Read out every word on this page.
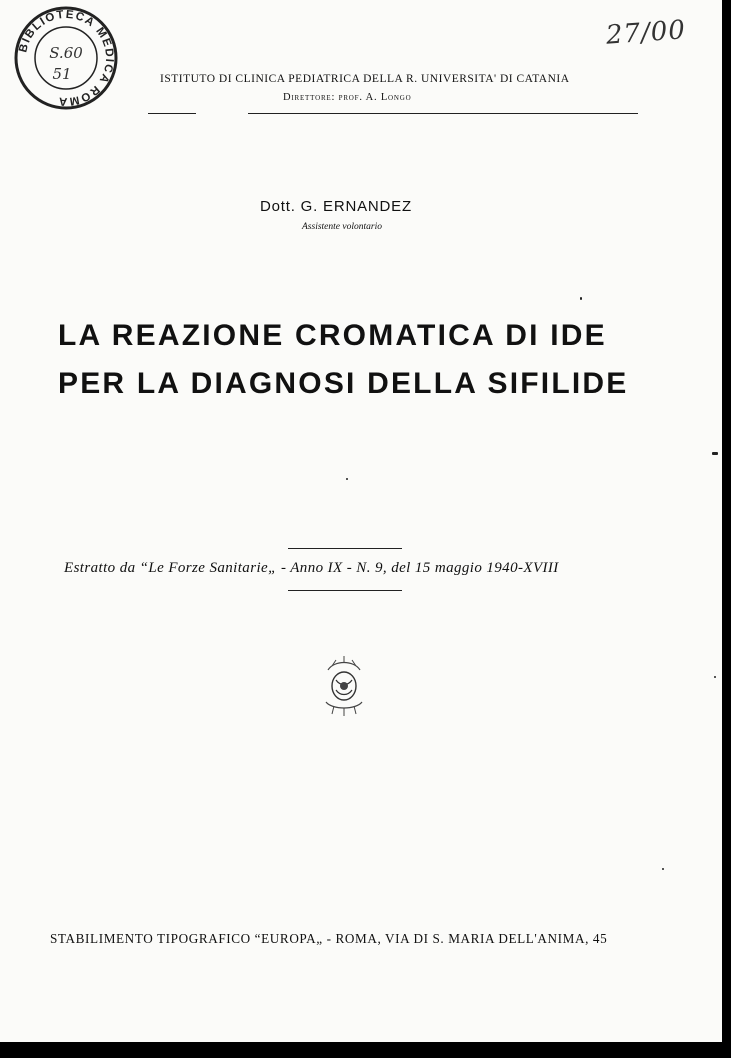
BIBLIOTECA MEDICA ROMA
S.60
51
27/00
ISTITUTO DI CLINICA PEDIATRICA DELLA R. UNIVERSITA' DI CATANIA
Direttore: prof. A. Longo
Dott. G. ERNANDEZ
Assistente volontario
LA REAZIONE CROMATICA DI IDE
PER LA DIAGNOSI DELLA SIFILIDE
Estratto da “Le Forze Sanitarie„ - Anno IX - N. 9, del 15 maggio 1940-XVIII
STABILIMENTO TIPOGRAFICO “EUROPA„ - ROMA, VIA DI S. MARIA DELL'ANIMA, 45
